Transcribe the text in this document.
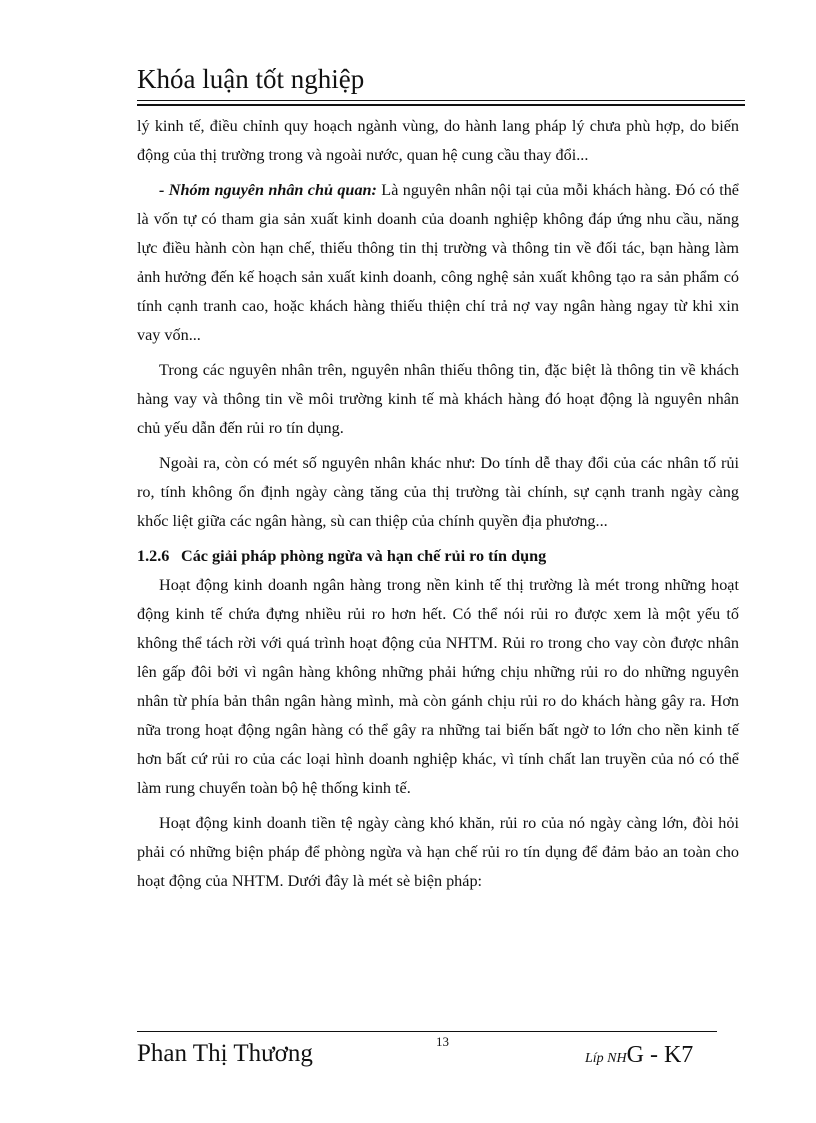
Khóa luận tốt nghiệp

lý kinh tế, điều chỉnh quy hoạch ngành vùng, do hành lang pháp lý chưa phù hợp, do biến động của thị trường trong và ngoài nước, quan hệ cung cầu thay đổi...

- Nhóm nguyên nhân chủ quan: Là nguyên nhân nội tại của mỗi khách hàng. Đó có thể là vốn tự có tham gia sản xuất kinh doanh của doanh nghiệp không đáp ứng nhu cầu, năng lực điều hành còn hạn chế, thiếu thông tin thị trường và thông tin về đối tác, bạn hàng làm ảnh hưởng đến kế hoạch sản xuất kinh doanh, công nghệ sản xuất không tạo ra sản phẩm có tính cạnh tranh cao, hoặc khách hàng thiếu thiện chí trả nợ vay ngân hàng ngay từ khi xin vay vốn...

Trong các nguyên nhân trên, nguyên nhân thiếu thông tin, đặc biệt là thông tin về khách hàng vay và thông tin về môi trường kinh tế mà khách hàng đó hoạt động là nguyên nhân chủ yếu dẫn đến rủi ro tín dụng.

Ngoài ra, còn có mét số nguyên nhân khác như: Do tính dễ thay đổi của các nhân tố rủi ro, tính không ổn định ngày càng tăng của thị trường tài chính, sự cạnh tranh ngày càng khốc liệt giữa các ngân hàng, sù can thiệp của chính quyền địa phương...

1.2.6 Các giải pháp phòng ngừa và hạn chế rủi ro tín dụng

Hoạt động kinh doanh ngân hàng trong nền kinh tế thị trường là mét trong những hoạt động kinh tế chứa đựng nhiều rủi ro hơn hết. Có thể nói rủi ro được xem là một yếu tố không thể tách rời với quá trình hoạt động của NHTM. Rủi ro trong cho vay còn được nhân lên gấp đôi bởi vì ngân hàng không những phải hứng chịu những rủi ro do những nguyên nhân từ phía bản thân ngân hàng mình, mà còn gánh chịu rủi ro do khách hàng gây ra. Hơn nữa trong hoạt động ngân hàng có thể gây ra những tai biến bất ngờ to lớn cho nền kinh tế hơn bất cứ rủi ro của các loại hình doanh nghiệp khác, vì tính chất lan truyền của nó có thể làm rung chuyển toàn bộ hệ thống kinh tế.

Hoạt động kinh doanh tiền tệ ngày càng khó khăn, rủi ro của nó ngày càng lớn, đòi hỏi phải có những biện pháp để phòng ngừa và hạn chế rủi ro tín dụng để đảm bảo an toàn cho hoạt động của NHTM. Dưới đây là mét sè biện pháp:

Phan Thị Thương	13
Líp NHG - K7
